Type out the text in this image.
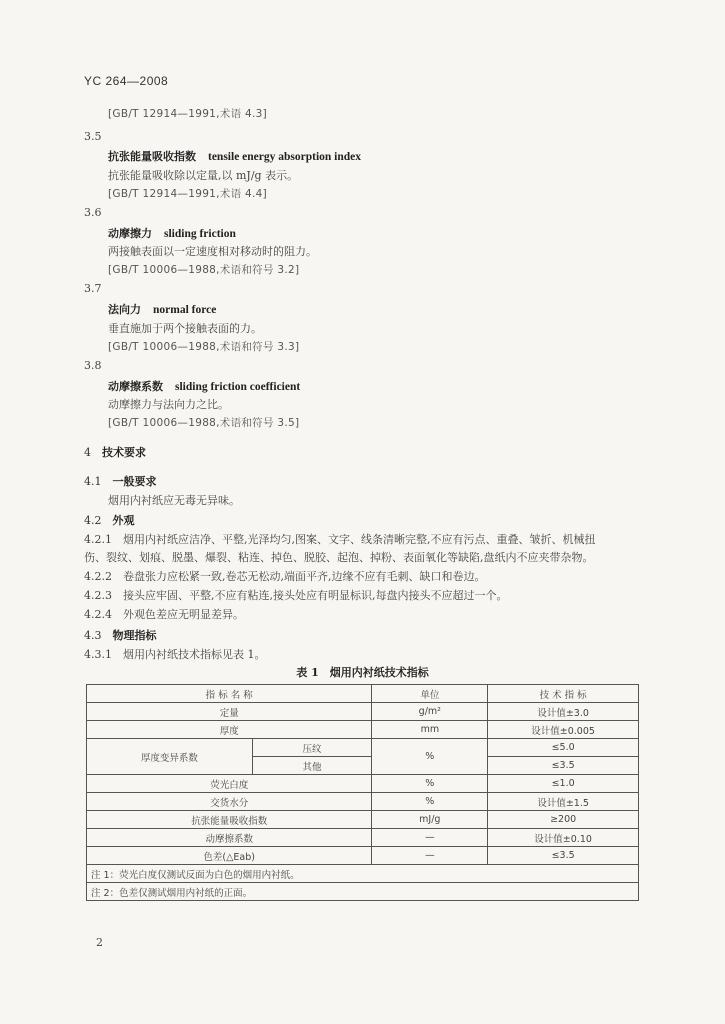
YC 264—2008
[GB/T 12914—1991,术语 4.3]
3.5
抗张能量吸收指数 tensile energy absorption index
抗张能量吸收除以定量,以 mJ/g 表示。
[GB/T 12914—1991,术语 4.4]
3.6
动摩擦力 sliding friction
两接触表面以一定速度相对移动时的阻力。
[GB/T 10006—1988,术语和符号 3.2]
3.7
法向力 normal force
垂直施加于两个接触表面的力。
[GB/T 10006—1988,术语和符号 3.3]
3.8
动摩擦系数 sliding friction coefficient
动摩擦力与法向力之比。
[GB/T 10006—1988,术语和符号 3.5]
4　 技术要求
4.1　 一般要求
烟用内衬纸应无毒无异味。
4.2　 外观
4.2.1　烟用内衬纸应洁净、平整,光泽均匀,图案、文字、线条清晰完整,不应有污点、重叠、皱折、机械扭
伤、裂纹、划痕、脱墨、爆裂、粘连、掉色、脱胶、起泡、掉粉、表面氧化等缺陷,盘纸内不应夹带杂物。
4.2.2　卷盘张力应松紧一致,卷芯无松动,端面平齐,边缘不应有毛刺、缺口和卷边。
4.2.3　接头应牢固、平整,不应有粘连,接头处应有明显标识,每盘内接头不应超过一个。
4.2.4　外观色差应无明显差异。
4.3　 物理指标
4.3.1　烟用内衬纸技术指标见表 1。
表 1　烟用内衬纸技术指标
指 标 名 称		单位	技 术 指 标
定量		g/m²	设计值±3.0
厚度		mm	设计值±0.005
厚度变异系数	压纹	%	≤5.0
	其他		≤3.5
荧光白度		%	≤1.0
交货水分		%	设计值±1.5
抗张能量吸收指数		mJ/g	≥200
动摩擦系数		—	设计值±0.10
色差(△Eab)		—	≤3.5
注 1：荧光白度仅测试反面为白色的烟用内衬纸。			
注 2：色差仅测试烟用内衬纸的正面。			
2
